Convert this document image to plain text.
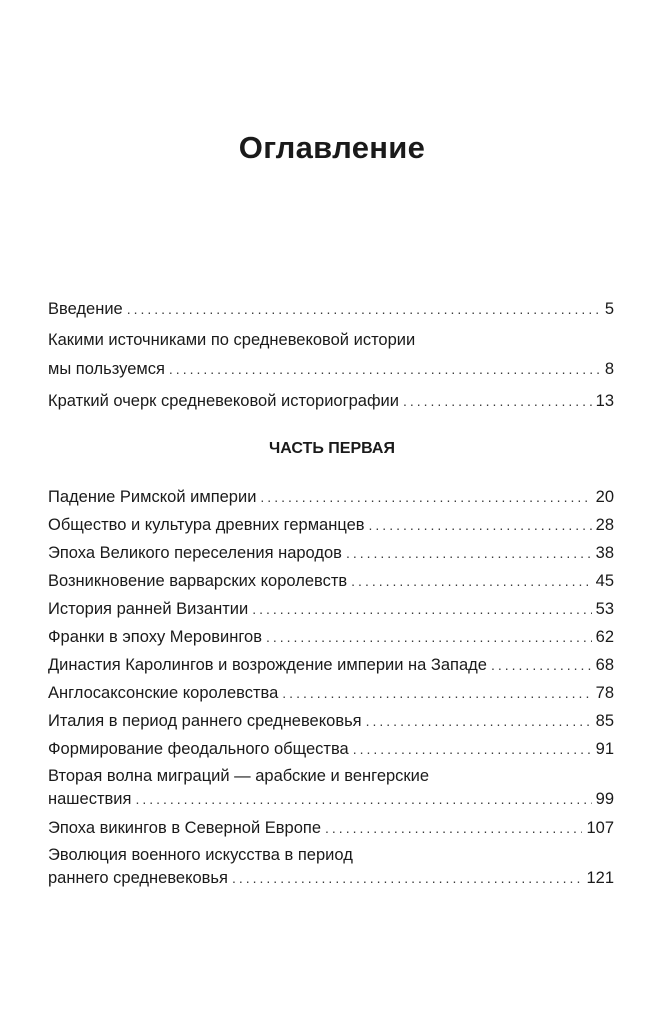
Оглавление
Введение .....	5
Какими источниками по средневековой истории
мы пользуемся .....	8
Краткий очерк средневековой историографии .....	13
ЧАСТЬ ПЕРВАЯ
Падение Римской империи .....	20
Общество и культура древних германцев .....	28
Эпоха Великого переселения народов .....	38
Возникновение варварских королевств .....	45
История ранней Византии .....	53
Франки в эпоху Меровингов .....	62
Династия Каролингов и возрождение империи на Западе .....	68
Англосаксонские королевства .....	78
Италия в период раннего средневековья .....	85
Формирование феодального общества .....	91
Вторая волна миграций — арабские и венгерские
нашествия .....	99
Эпоха викингов в Северной Европе .....	107
Эволюция военного искусства в период
раннего средневековья .....	121
